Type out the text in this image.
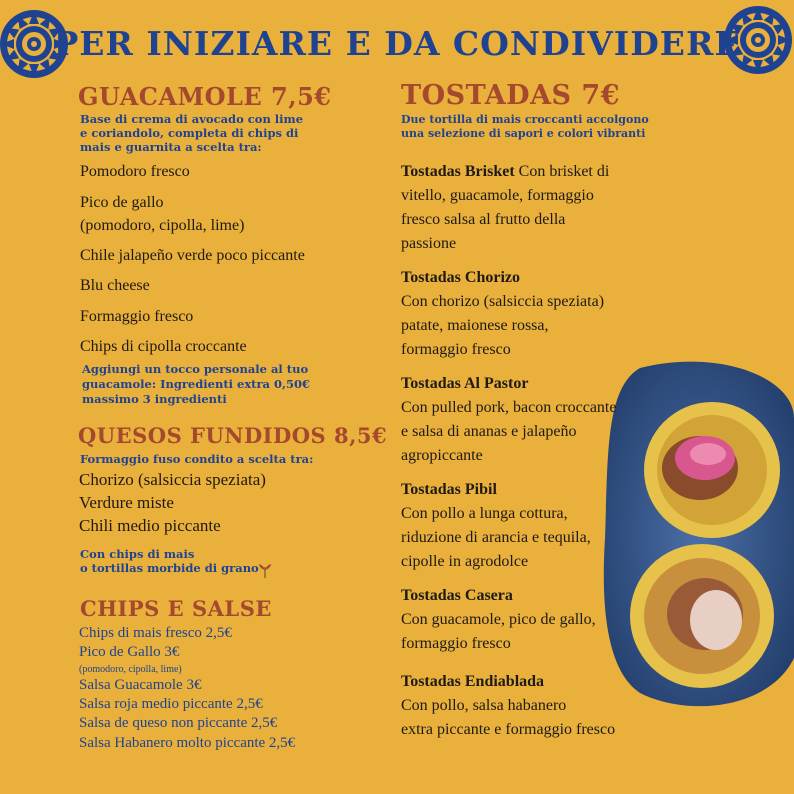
PER INIZIARE E DA CONDIVIDERE
GUACAMOLE 7,5€
Base di crema di avocado con lime
e coriandolo, completa di chips di
mais e guarnita a scelta tra:
Pomodoro fresco
Pico de gallo
(pomodoro, cipolla, lime)
Chile jalapeño verde poco piccante
Blu cheese
Formaggio fresco
Chips di cipolla croccante
Aggiungi un tocco personale al tuo
guacamole: Ingredienti extra 0,50€
massimo 3 ingredienti
QUESOS FUNDIDOS 8,5€
Formaggio fuso condito a scelta tra:
Chorizo (salsiccia speziata)
Verdure miste
Chili medio piccante
Con chips di mais
o tortillas morbide di grano
CHIPS E SALSE
Chips di mais fresco 2,5€
Pico de Gallo 3€
(pomodoro, cipolla, lime)
Salsa Guacamole 3€
Salsa roja medio piccante 2,5€
Salsa de queso non piccante 2,5€
Salsa Habanero molto piccante 2,5€
TOSTADAS 7€
Due tortilla di mais croccanti accolgono
una selezione di sapori e colori vibranti
Tostadas Brisket Con brisket di
vitello, guacamole, formaggio
fresco salsa al frutto della
passione
Tostadas Chorizo
Con chorizo (salsiccia speziata)
patate, maionese rossa,
formaggio fresco
Tostadas Al Pastor
Con pulled pork, bacon croccante
e salsa di ananas e jalapeño
agropiccante
Tostadas Pibil
Con pollo a lunga cottura,
riduzione di arancia e tequila,
cipolle in agrodolce
Tostadas Casera
Con guacamole, pico de gallo,
formaggio fresco
Tostadas Endiablada
Con pollo, salsa habanero
extra piccante e formaggio fresco
